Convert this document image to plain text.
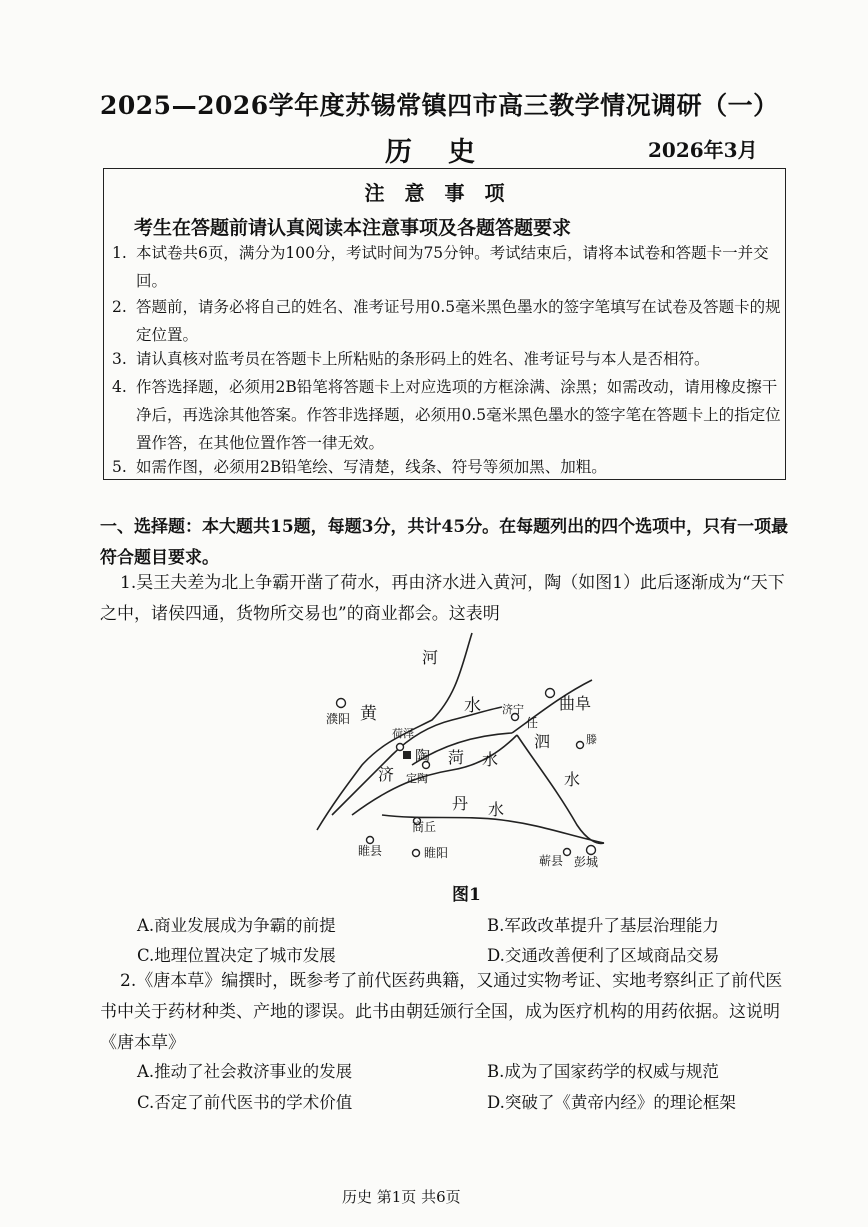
2025—2026学年度苏锡常镇四市高三教学情况调研（一）
历史	2026年3月
注意事项
考生在答题前请认真阅读本注意事项及各题答题要求
1. 本试卷共6页，满分为100分，考试时间为75分钟。考试结束后，请将本试卷和答题卡一并交回。
2. 答题前，请务必将自己的姓名、准考证号用0.5毫米黑色墨水的签字笔填写在试卷及答题卡的规定位置。
3. 请认真核对监考员在答题卡上所粘贴的条形码上的姓名、准考证号与本人是否相符。
4. 作答选择题，必须用2B铅笔将答题卡上对应选项的方框涂满、涂黑；如需改动，请用橡皮擦干净后，再选涂其他答案。作答非选择题，必须用0.5毫米黑色墨水的签字笔在答题卡上的指定位置作答，在其他位置作答一律无效。
5. 如需作图，必须用2B铅笔绘、写清楚，线条、符号等须加黑、加粗。
一、选择题：本大题共15题，每题3分，共计45分。在每题列出的四个选项中，只有一项最符合题目要求。
1.吴王夫差为北上争霸开凿了荷水，再由济水进入黄河，陶（如图1）此后逐渐成为“天下之中，诸侯四通，货物所交易也”的商业都会。这表明
河
黄	水
濮阳
荷泽
陶
济 定陶
菏 水
济宁
任
曲阜
泗	滕
水
丹 水
商丘
睢县	睢阳
蕲县 彭城
图1
A.商业发展成为争霸的前提	B.军政改革提升了基层治理能力
C.地理位置决定了城市发展	D.交通改善便利了区域商品交易
2.《唐本草》编撰时，既参考了前代医药典籍，又通过实物考证、实地考察纠正了前代医书中关于药材种类、产地的谬误。此书由朝廷颁行全国，成为医疗机构的用药依据。这说明《唐本草》
A.推动了社会救济事业的发展	B.成为了国家药学的权威与规范
C.否定了前代医书的学术价值	D.突破了《黄帝内经》的理论框架
历史 第1页 共6页
